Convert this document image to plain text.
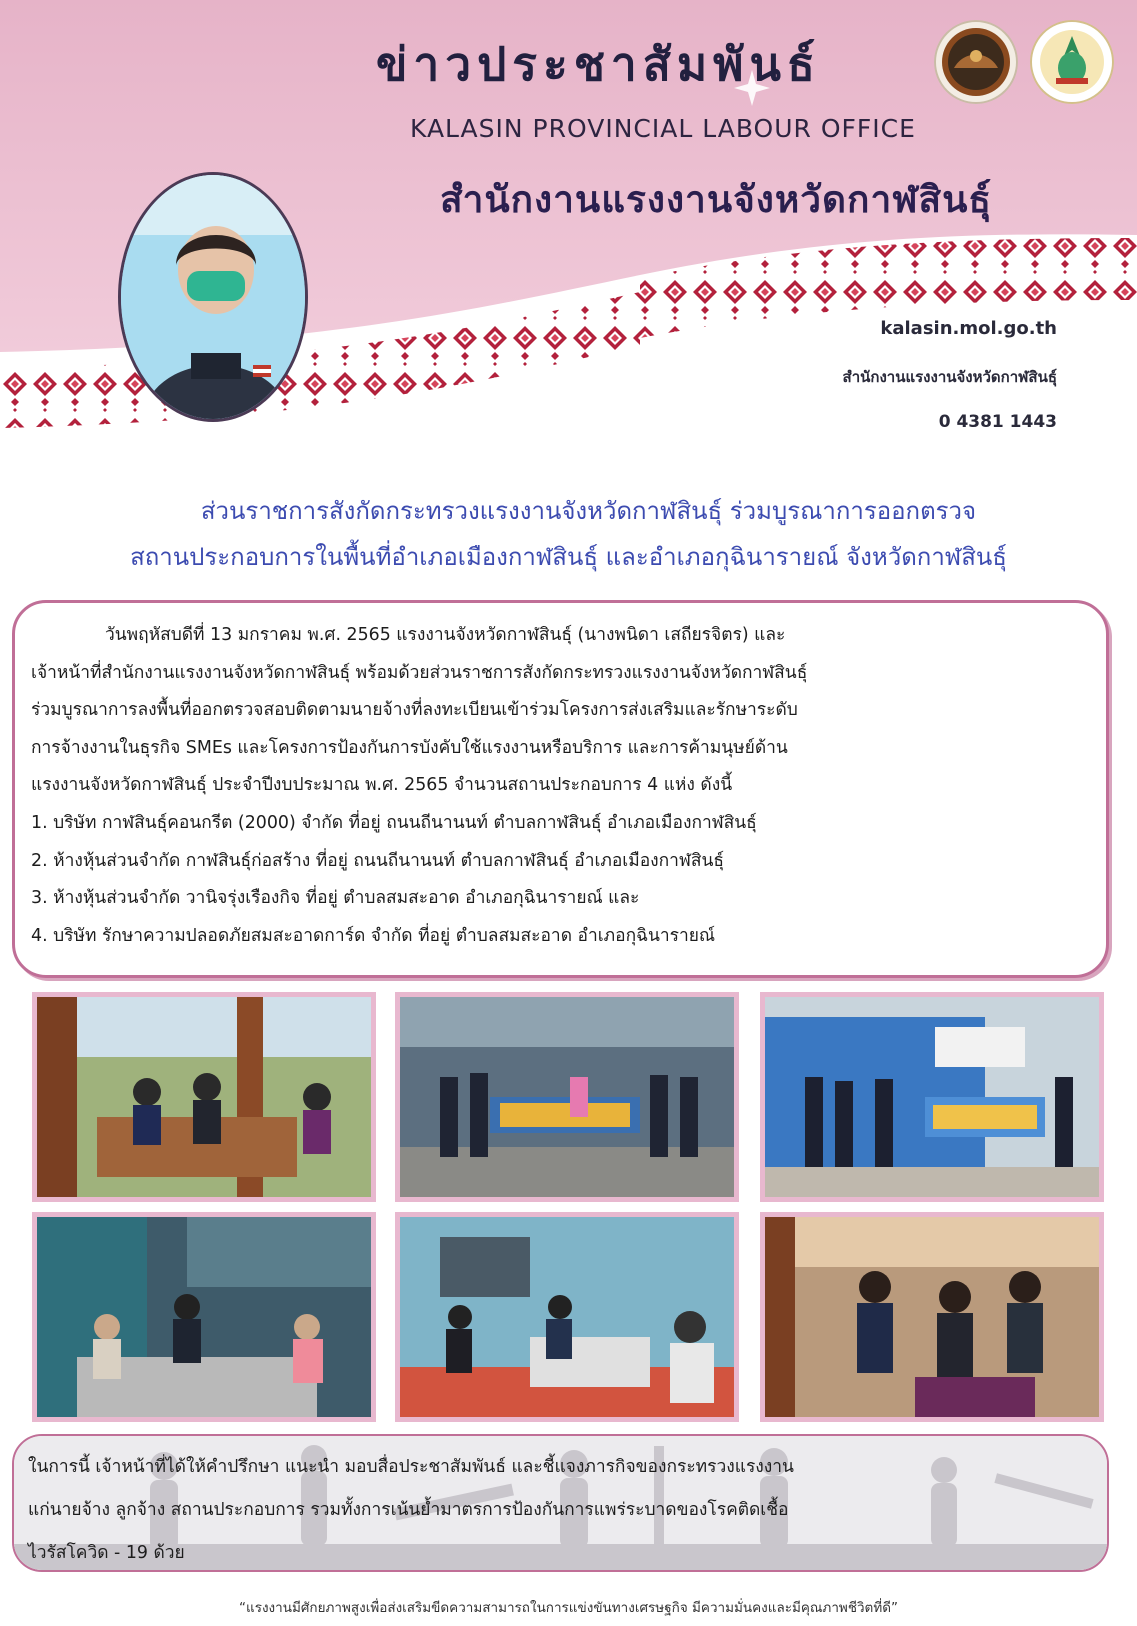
ข่าวประชาสัมพันธ์
KALASIN PROVINCIAL LABOUR OFFICE
สำนักงานแรงงานจังหวัดกาฬสินธุ์
kalasin.mol.go.th
สำนักงานแรงงานจังหวัดกาฬสินธุ์
0 4381 1443
ส่วนราชการสังกัดกระทรวงแรงงานจังหวัดกาฬสินธุ์ ร่วมบูรณาการออกตรวจ
สถานประกอบการในพื้นที่อำเภอเมืองกาฬสินธุ์ และอำเภอกุฉินารายณ์ จังหวัดกาฬสินธุ์

วันพฤหัสบดีที่ 13 มกราคม พ.ศ. 2565 แรงงานจังหวัดกาฬสินธุ์ (นางพนิดา เสถียรจิตร) และ

เจ้าหน้าที่สำนักงานแรงงานจังหวัดกาฬสินธุ์ พร้อมด้วยส่วนราชการสังกัดกระทรวงแรงงานจังหวัดกาฬสินธุ์

ร่วมบูรณาการลงพื้นที่ออกตรวจสอบติดตามนายจ้างที่ลงทะเบียนเข้าร่วมโครงการส่งเสริมและรักษาระดับ

การจ้างงานในธุรกิจ SMEs และโครงการป้องกันการบังคับใช้แรงงานหรือบริการ และการค้ามนุษย์ด้าน

แรงงานจังหวัดกาฬสินธุ์ ประจำปีงบประมาณ พ.ศ. 2565 จำนวนสถานประกอบการ 4 แห่ง ดังนี้

1. บริษัท กาฬสินธุ์คอนกรีต (2000) จำกัด ที่อยู่ ถนนถีนานนท์ ตำบลกาฬสินธุ์ อำเภอเมืองกาฬสินธุ์

2. ห้างหุ้นส่วนจำกัด กาฬสินธุ์ก่อสร้าง ที่อยู่ ถนนถีนานนท์ ตำบลกาฬสินธุ์ อำเภอเมืองกาฬสินธุ์

3. ห้างหุ้นส่วนจำกัด วานิจรุ่งเรืองกิจ ที่อยู่ ตำบลสมสะอาด อำเภอกุฉินารายณ์ และ

4. บริษัท รักษาความปลอดภัยสมสะอาดการ์ด จำกัด ที่อยู่ ตำบลสมสะอาด อำเภอกุฉินารายณ์

ในการนี้ เจ้าหน้าที่ได้ให้คำปรึกษา แนะนำ มอบสื่อประชาสัมพันธ์ และชี้แจงภารกิจของกระทรวงแรงงาน

แก่นายจ้าง ลูกจ้าง สถานประกอบการ รวมทั้งการเน้นย้ำมาตรการป้องกันการแพร่ระบาดของโรคติดเชื้อ

ไวรัสโควิด - 19 ด้วย

“แรงงานมีศักยภาพสูงเพื่อส่งเสริมขีดความสามารถในการแข่งขันทางเศรษฐกิจ มีความมั่นคงและมีคุณภาพชีวิตที่ดี”
